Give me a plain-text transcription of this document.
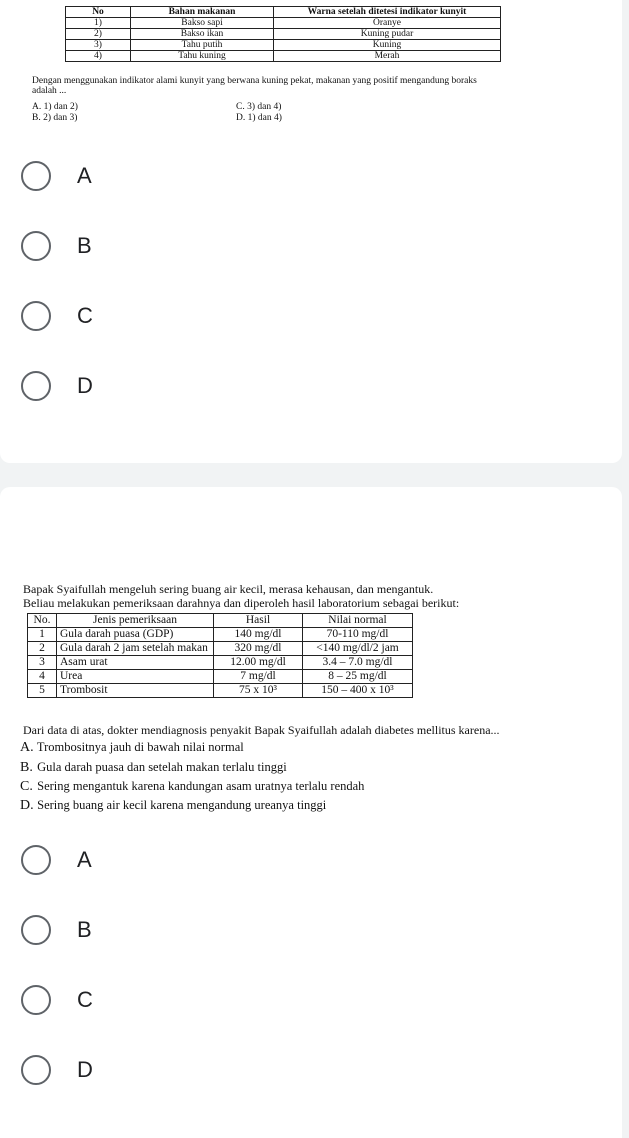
No	Bahan makanan	Warna setelah ditetesi indikator kunyit
1)	Bakso sapi	Oranye
2)	Bakso ikan	Kuning pudar
3)	Tahu putih	Kuning
4)	Tahu kuning	Merah
Dengan menggunakan indikator alami kunyit yang berwana kuning pekat, makanan yang positif mengandung boraks
adalah ...
A. 1) dan 2)
B. 2) dan 3)
C. 3) dan 4)
D. 1) dan 4)
A
B
C
D
Bapak Syaifullah mengeluh sering buang air kecil, merasa kehausan, dan mengantuk.
Beliau melakukan pemeriksaan darahnya dan diperoleh hasil laboratorium sebagai berikut:
No.	Jenis pemeriksaan	Hasil	Nilai normal
1	Gula darah puasa (GDP)	140 mg/dl	70-110 mg/dl
2	Gula darah 2 jam setelah makan	320 mg/dl	<140 mg/dl/2 jam
3	Asam urat	12.00 mg/dl	3.4 – 7.0 mg/dl
4	Urea	7 mg/dl	8 – 25 mg/dl
5	Trombosit	75 x 10³	150 – 400 x 10³
Dari data di atas, dokter mendiagnosis penyakit Bapak Syaifullah adalah diabetes mellitus karena...
A. Trombositnya jauh di bawah nilai normal
B. Gula darah puasa dan setelah makan terlalu tinggi
C. Sering mengantuk karena kandungan asam uratnya terlalu rendah
D. Sering buang air kecil karena mengandung ureanya tinggi
A
B
C
D
